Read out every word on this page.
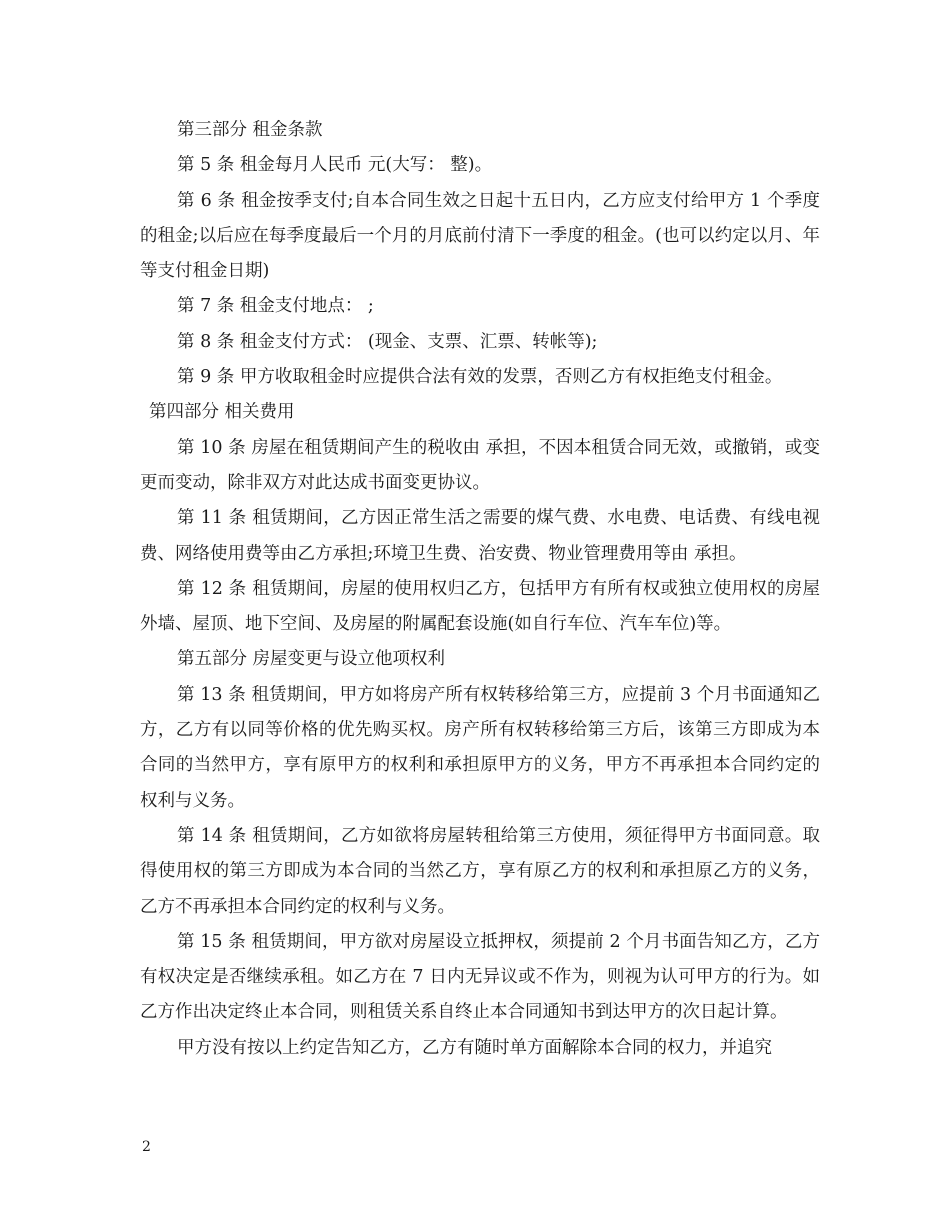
第三部分 租金条款

第 5 条 租金每月人民币 元(大写： 整)。

第 6 条 租金按季支付;自本合同生效之日起十五日内，乙方应支付给甲方 1 个季度的租金;以后应在每季度最后一个月的月底前付清下一季度的租金。(也可以约定以月、年等支付租金日期)

第 7 条 租金支付地点： ;

第 8 条 租金支付方式： (现金、支票、汇票、转帐等);

第 9 条 甲方收取租金时应提供合法有效的发票，否则乙方有权拒绝支付租金。

第四部分 相关费用

第 10 条 房屋在租赁期间产生的税收由 承担，不因本租赁合同无效，或撤销，或变更而变动，除非双方对此达成书面变更协议。

第 11 条 租赁期间，乙方因正常生活之需要的煤气费、水电费、电话费、有线电视费、网络使用费等由乙方承担;环境卫生费、治安费、物业管理费用等由 承担。

第 12 条 租赁期间，房屋的使用权归乙方，包括甲方有所有权或独立使用权的房屋外墙、屋顶、地下空间、及房屋的附属配套设施(如自行车位、汽车车位)等。

第五部分 房屋变更与设立他项权利

第 13 条 租赁期间，甲方如将房产所有权转移给第三方，应提前 3 个月书面通知乙方，乙方有以同等价格的优先购买权。房产所有权转移给第三方后，该第三方即成为本合同的当然甲方，享有原甲方的权利和承担原甲方的义务，甲方不再承担本合同约定的权利与义务。

第 14 条 租赁期间，乙方如欲将房屋转租给第三方使用，须征得甲方书面同意。取得使用权的第三方即成为本合同的当然乙方，享有原乙方的权利和承担原乙方的义务，乙方不再承担本合同约定的权利与义务。

第 15 条 租赁期间，甲方欲对房屋设立抵押权，须提前 2 个月书面告知乙方，乙方有权决定是否继续承租。如乙方在 7 日内无异议或不作为，则视为认可甲方的行为。如乙方作出决定终止本合同，则租赁关系自终止本合同通知书到达甲方的次日起计算。

甲方没有按以上约定告知乙方，乙方有随时单方面解除本合同的权力，并追究

2
